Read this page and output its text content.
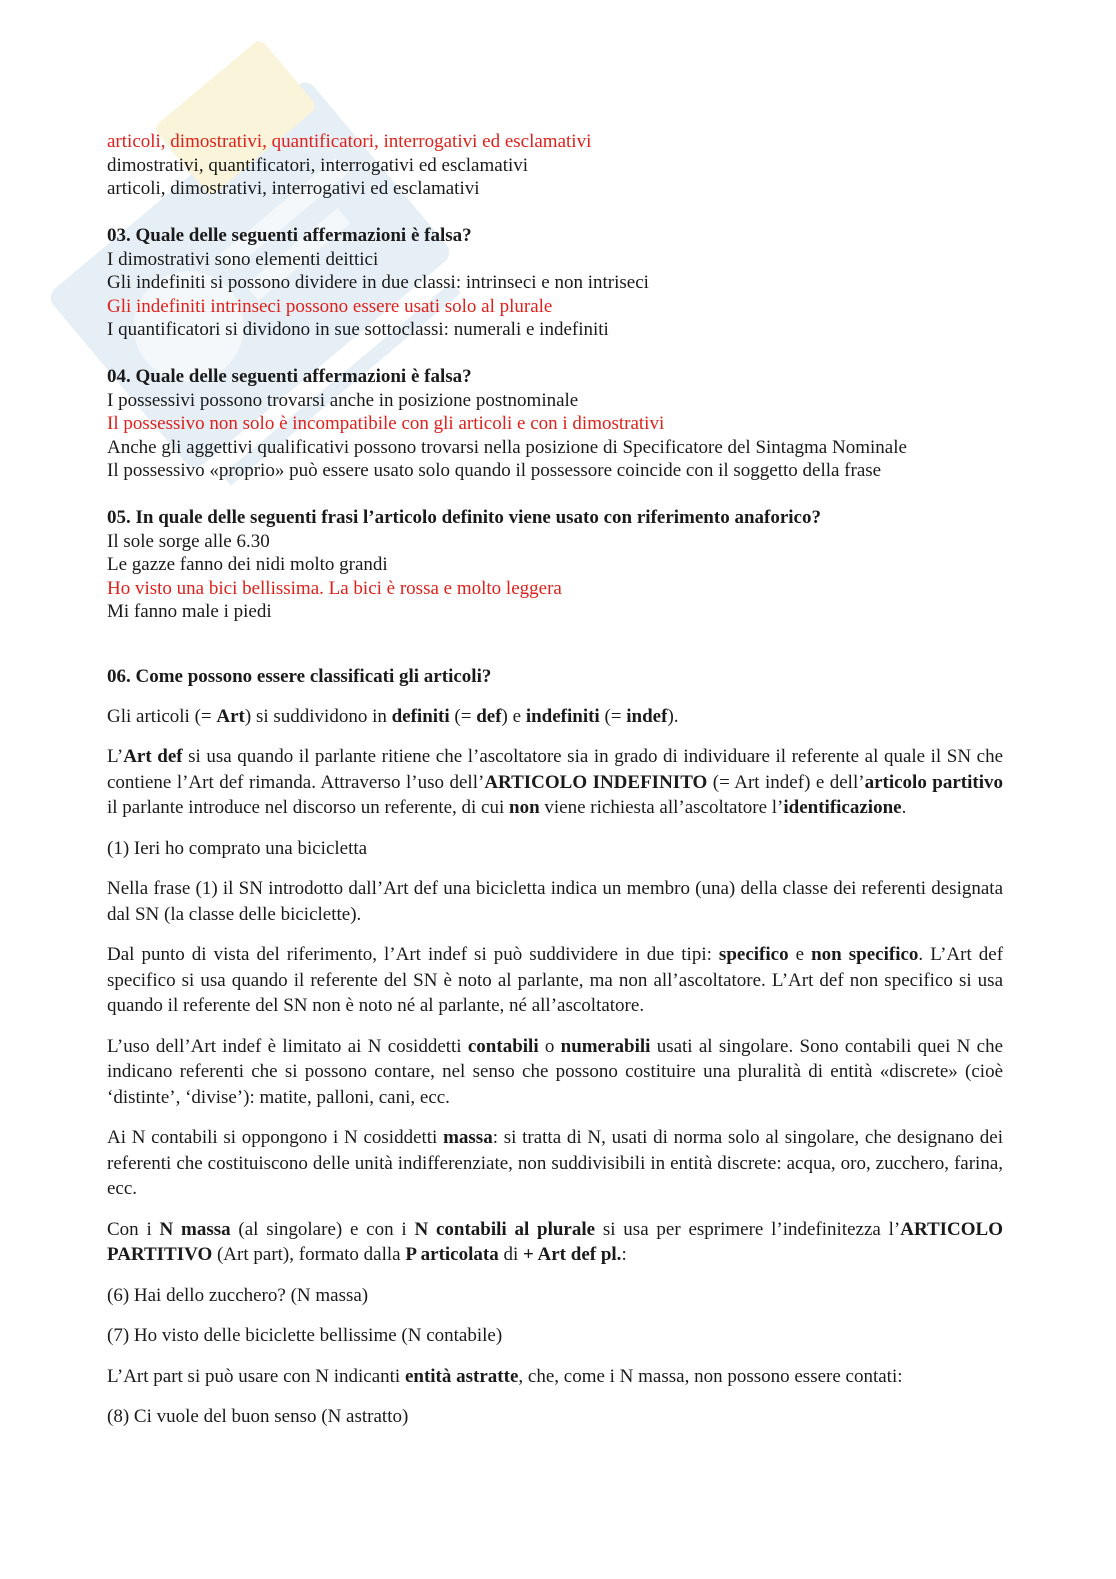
articoli, dimostrativi, quantificatori, interrogativi ed esclamativi

dimostrativi, quantificatori, interrogativi ed esclamativi

articoli, dimostrativi, interrogativi ed esclamativi

03. Quale delle seguenti affermazioni è falsa?

I dimostrativi sono elementi deittici

Gli indefiniti si possono dividere in due classi: intrinseci e non intriseci

Gli indefiniti intrinseci possono essere usati solo al plurale

I quantificatori si dividono in sue sottoclassi: numerali e indefiniti

04. Quale delle seguenti affermazioni è falsa?

I possessivi possono trovarsi anche in posizione postnominale

Il possessivo non solo è incompatibile con gli articoli e con i dimostrativi

Anche gli aggettivi qualificativi possono trovarsi nella posizione di Specificatore del Sintagma Nominale

Il possessivo «proprio» può essere usato solo quando il possessore coincide con il soggetto della frase

05. In quale delle seguenti frasi l’articolo definito viene usato con riferimento anaforico?

Il sole sorge alle 6.30

Le gazze fanno dei nidi molto grandi

Ho visto una bici bellissima. La bici è rossa e molto leggera

Mi fanno male i piedi

06. Come possono essere classificati gli articoli?

Gli articoli (= Art) si suddividono in definiti (= def) e indefiniti (= indef).

L’Art def si usa quando il parlante ritiene che l’ascoltatore sia in grado di individuare il referente al quale il SN che contiene l’Art def rimanda. Attraverso l’uso dell’ARTICOLO INDEFINITO (= Art indef) e dell’articolo partitivo il parlante introduce nel discorso un referente, di cui non viene richiesta all’ascoltatore l’identificazione.

(1) Ieri ho comprato una bicicletta

Nella frase (1) il SN introdotto dall’Art def una bicicletta indica un membro (una) della classe dei referenti designata dal SN (la classe delle biciclette).

Dal punto di vista del riferimento, l’Art indef si può suddividere in due tipi: specifico e non specifico. L’Art def specifico si usa quando il referente del SN è noto al parlante, ma non all’ascoltatore. L’Art def non specifico si usa quando il referente del SN non è noto né al parlante, né all’ascoltatore.

L’uso dell’Art indef è limitato ai N cosiddetti contabili o numerabili usati al singolare. Sono contabili quei N che indicano referenti che si possono contare, nel senso che possono costituire una pluralità di entità «discrete» (cioè ‘distinte’, ‘divise’): matite, palloni, cani, ecc.

Ai N contabili si oppongono i N cosiddetti massa: si tratta di N, usati di norma solo al singolare, che designano dei referenti che costituiscono delle unità indifferenziate, non suddivisibili in entità discrete: acqua, oro, zucchero, farina, ecc.

Con i N massa (al singolare) e con i N contabili al plurale si usa per esprimere l’indefinitezza l’ARTICOLO PARTITIVO (Art part), formato dalla P articolata di + Art def pl.:

(6) Hai dello zucchero? (N massa)

(7) Ho visto delle biciclette bellissime (N contabile)

L’Art part si può usare con N indicanti entità astratte, che, come i N massa, non possono essere contati:

(8) Ci vuole del buon senso (N astratto)
